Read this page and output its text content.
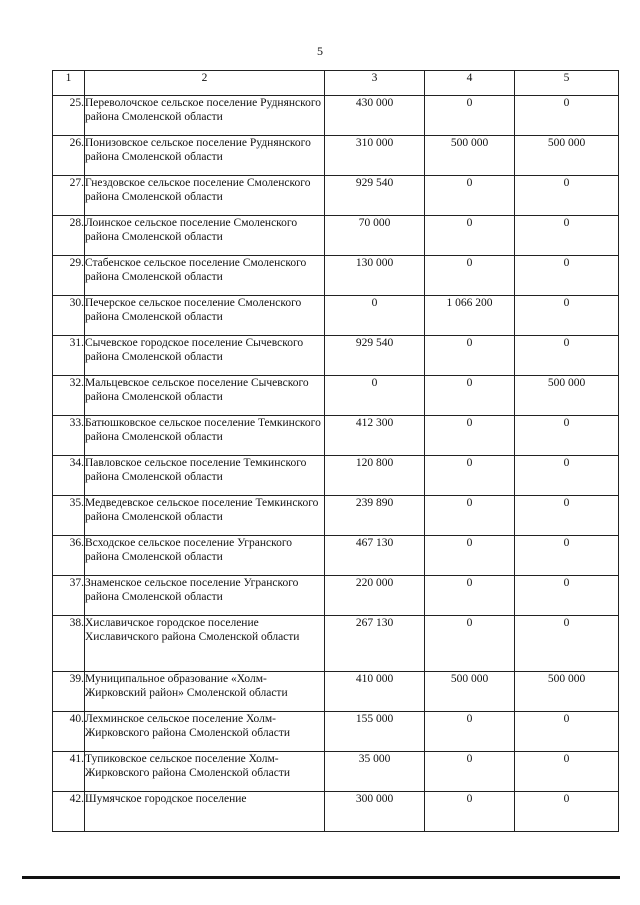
5
1	2	3	4	5
25.	Переволочское сельское поселение Руднянского района Смоленской области	430 000	0	0
26.	Понизовское сельское поселение Руднянского района Смоленской области	310 000	500 000	500 000
27.	Гнездовское сельское поселение Смоленского района Смоленской области	929 540	0	0
28.	Лоинское сельское поселение Смоленского района Смоленской области	70 000	0	0
29.	Стабенское сельское поселение Смоленского района Смоленской области	130 000	0	0
30.	Печерское сельское поселение Смоленского района Смоленской области	0	1 066 200	0
31.	Сычевское городское поселение Сычевского района Смоленской области	929 540	0	0
32.	Мальцевское сельское поселение Сычевского района Смоленской области	0	0	500 000
33.	Батюшковское сельское поселение Темкинского района Смоленской области	412 300	0	0
34.	Павловское сельское поселение Темкинского района Смоленской области	120 800	0	0
35.	Медведевское сельское поселение Темкинского района Смоленской области	239 890	0	0
36.	Всходское сельское поселение Угранского района Смоленской области	467 130	0	0
37.	Знаменское сельское поселение Угранского района Смоленской области	220 000	0	0
38.	Хиславичское городское поселение Хиславичского района Смоленской области	267 130	0	0
39.	Муниципальное образование «Холм-Жирковский район» Смоленской области	410 000	500 000	500 000
40.	Лехминское сельское поселение Холм-Жирковского района Смоленской области	155 000	0	0
41.	Тупиковское сельское поселение Холм-Жирковского района Смоленской области	35 000	0	0
42.	Шумячское городское поселение	300 000	0	0
